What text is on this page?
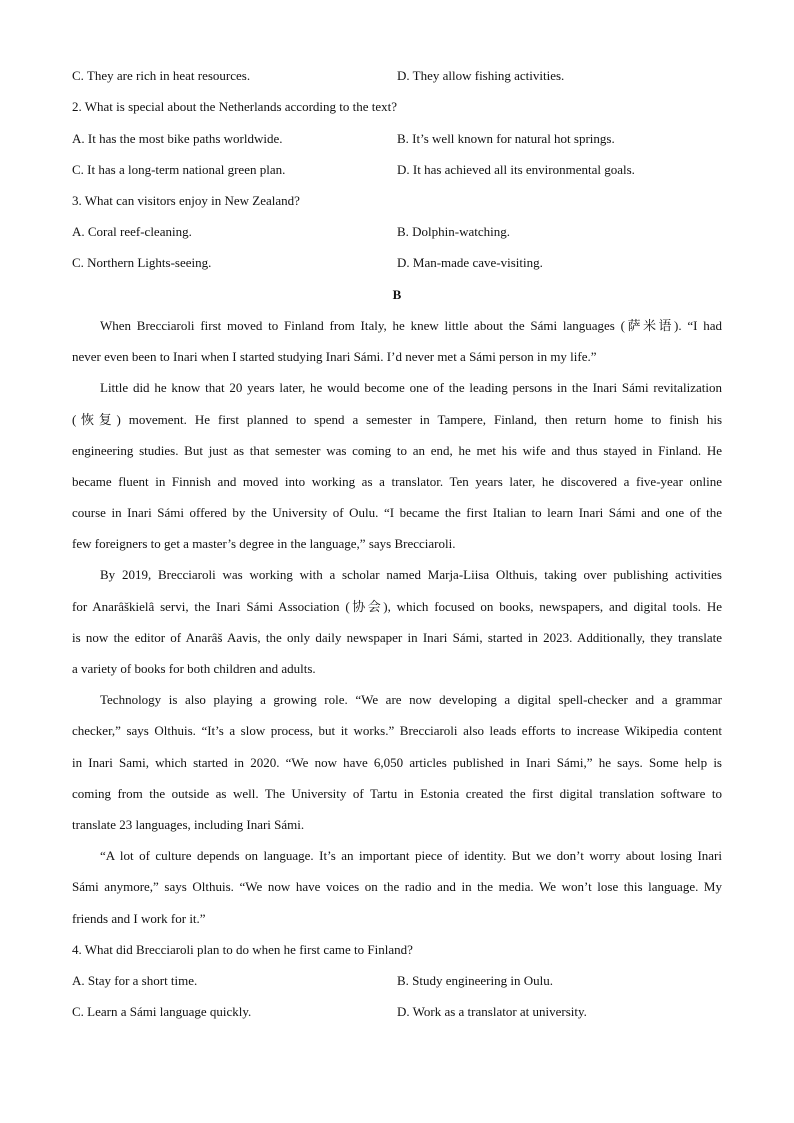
C. They are rich in heat resources.	D. They allow fishing activities.
2. What is special about the Netherlands according to the text?
A. It has the most bike paths worldwide.	B. It’s well known for natural hot springs.
C. It has a long-term national green plan.	D. It has achieved all its environmental goals.
3. What can visitors enjoy in New Zealand?
A. Coral reef-cleaning.	B. Dolphin-watching.
C. Northern Lights-seeing.	D. Man-made cave-visiting.
B
When Brecciaroli first moved to Finland from Italy, he knew little about the Sámi languages (萨米语). “I had
never even been to Inari when I started studying Inari Sámi. I’d never met a Sámi person in my life.”
Little did he know that 20 years later, he would become one of the leading persons in the Inari Sámi revitalization
(恢复) movement. He first planned to spend a semester in Tampere, Finland, then return home to finish his
engineering studies. But just as that semester was coming to an end, he met his wife and thus stayed in Finland. He
became fluent in Finnish and moved into working as a translator. Ten years later, he discovered a five-year online
course in Inari Sámi offered by the University of Oulu. “I became the first Italian to learn Inari Sámi and one of the
few foreigners to get a master’s degree in the language,” says Brecciaroli.
By 2019, Brecciaroli was working with a scholar named Marja-Liisa Olthuis, taking over publishing activities
for Anarâškielâ servi, the Inari Sámi Association (协会), which focused on books, newspapers, and digital tools. He
is now the editor of Anarâš Aavis, the only daily newspaper in Inari Sámi, started in 2023. Additionally, they translate
a variety of books for both children and adults.
Technology is also playing a growing role. “We are now developing a digital spell-checker and a grammar
checker,” says Olthuis. “It’s a slow process, but it works.” Brecciaroli also leads efforts to increase Wikipedia content
in Inari Sami, which started in 2020. “We now have 6,050 articles published in Inari Sámi,” he says. Some help is
coming from the outside as well. The University of Tartu in Estonia created the first digital translation software to
translate 23 languages, including Inari Sámi.
“A lot of culture depends on language. It’s an important piece of identity. But we don’t worry about losing Inari
Sámi anymore,” says Olthuis. “We now have voices on the radio and in the media. We won’t lose this language. My
friends and I work for it.”
4. What did Brecciaroli plan to do when he first came to Finland?
A. Stay for a short time.	B. Study engineering in Oulu.
C. Learn a Sámi language quickly.	D. Work as a translator at university.
